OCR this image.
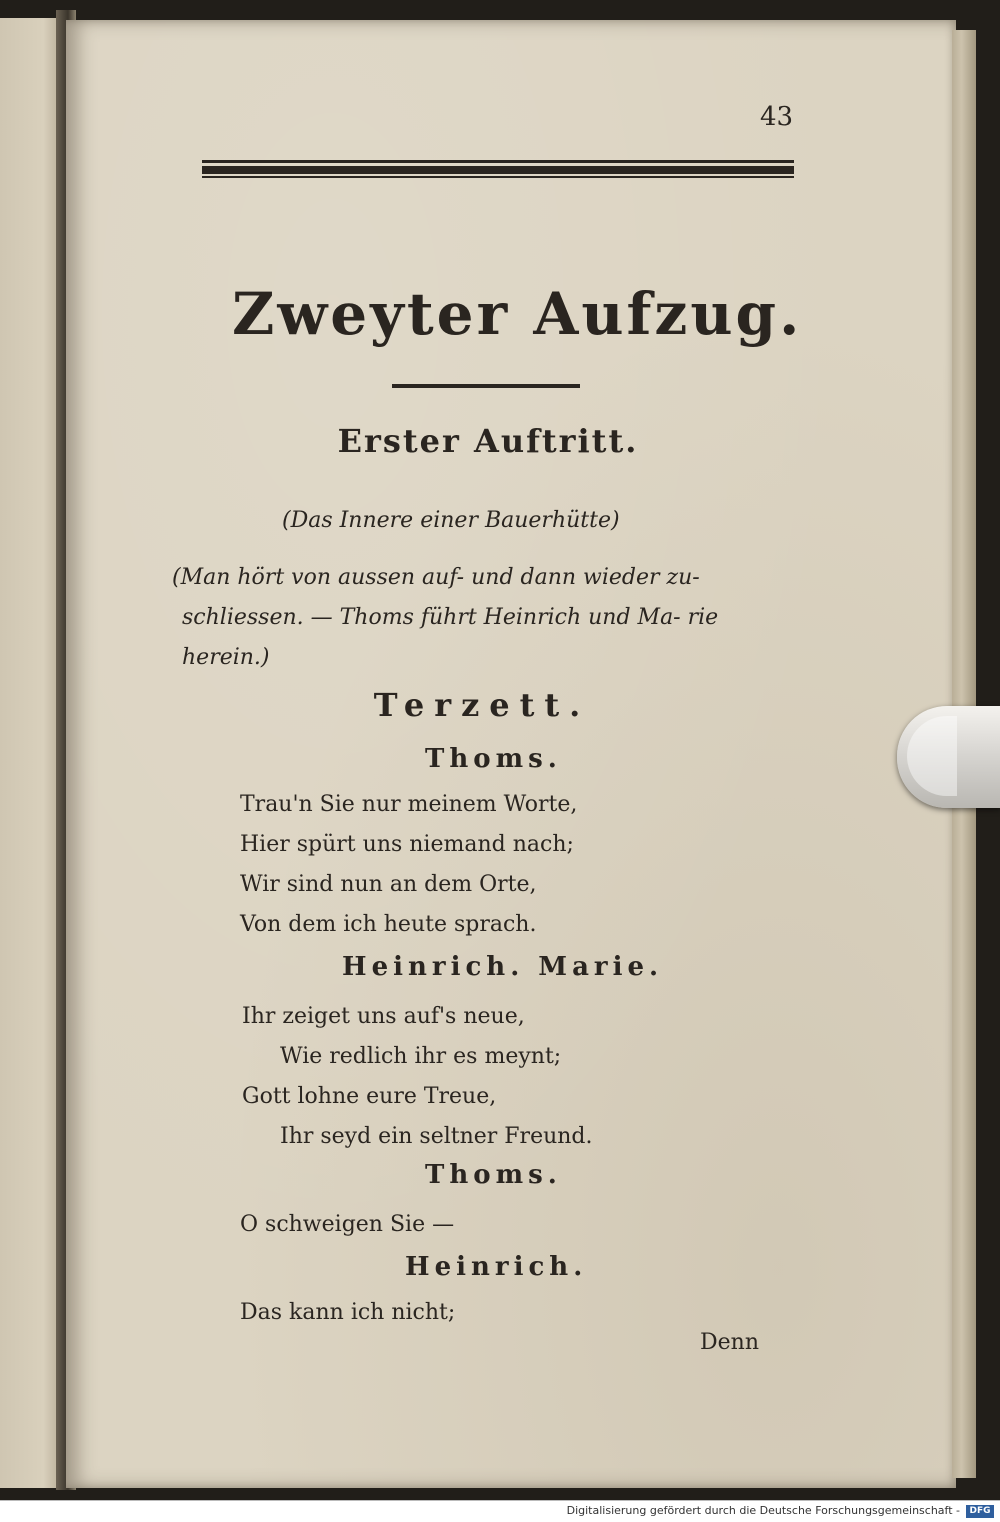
43

Zweyter Aufzug.

Erster Auftritt.

(Das Innere einer Bauerhütte)

(Man hört von aussen auf- und dann wieder zu- schliessen. — Thoms führt Heinrich und Ma- rie herein.)

Terzett.

Thoms.

Trau'n Sie nur meinem Worte,

Hier spürt uns niemand nach;

Wir sind nun an dem Orte,

Von dem ich heute sprach.

Heinrich. Marie.

Ihr zeiget uns auf's neue,

Wie redlich ihr es meynt;

Gott lohne eure Treue,

Ihr seyd ein seltner Freund.

Thoms.

O schweigen Sie —

Heinrich.

Das kann ich nicht;

Denn

Digitalisierung gefördert durch die Deutsche Forschungsgemeinschaft -	DFG
